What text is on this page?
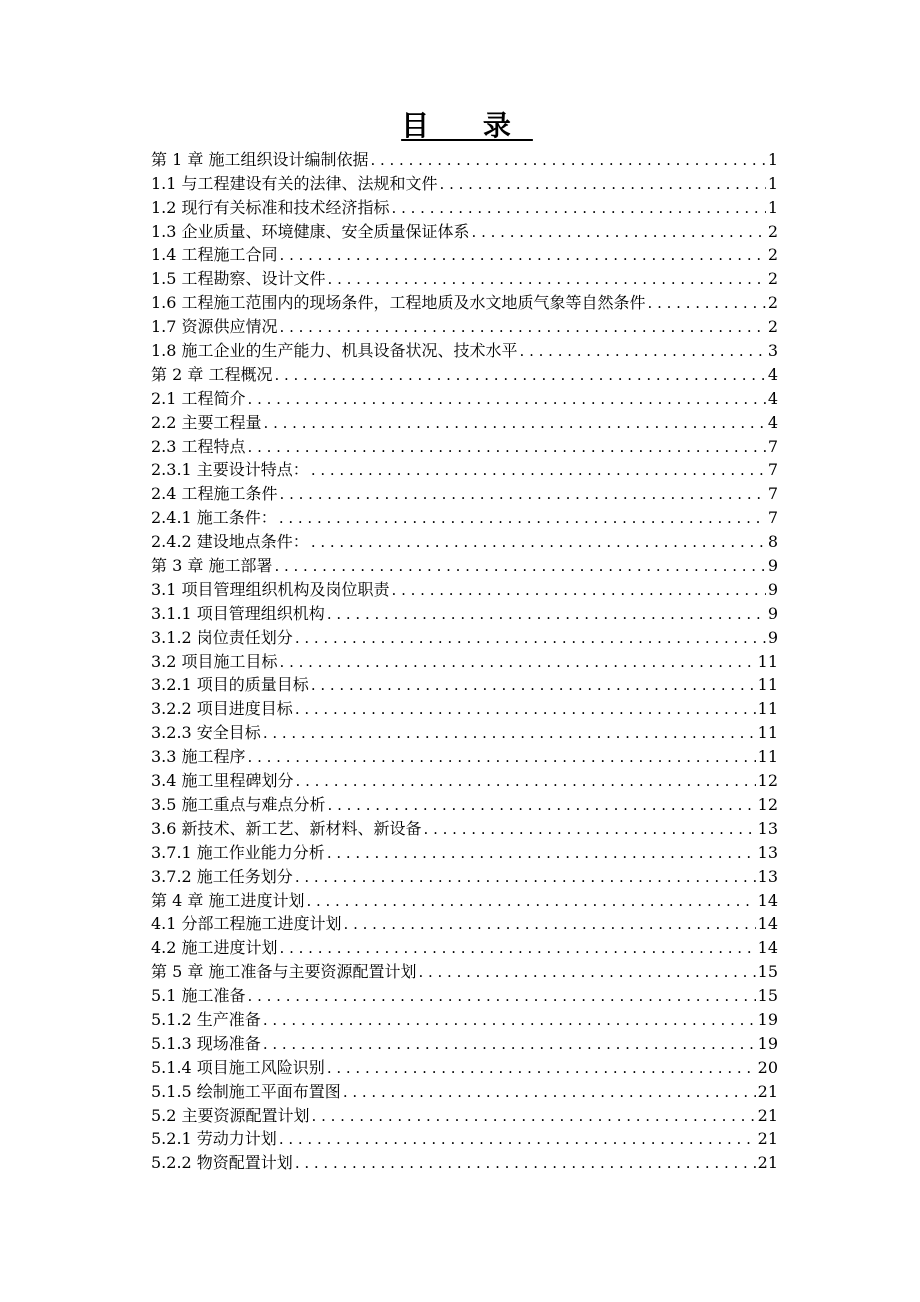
目 录
第 1 章 施工组织设计编制依据 . . .	1
1.1 与工程建设有关的法律、法规和文件 . . .	1
1.2 现行有关标准和技术经济指标 . . .	1
1.3 企业质量、环境健康、安全质量保证体系 . . .	2
1.4 工程施工合同 . . .	2
1.5 工程勘察、设计文件 . . .	2
1.6 工程施工范围内的现场条件，工程地质及水文地质气象等自然条件 . . .	2
1.7 资源供应情况 . . .	2
1.8 施工企业的生产能力、机具设备状况、技术水平 . . .	3
第 2 章 工程概况 . . .	4
2.1 工程简介 . . .	4
2.2 主要工程量 . . .	4
2.3 工程特点 . . .	7
2.3.1 主要设计特点： . . .	7
2.4 工程施工条件 . . .	7
2.4.1 施工条件： . . .	7
2.4.2 建设地点条件： . . .	8
第 3 章 施工部署 . . .	9
3.1 项目管理组织机构及岗位职责 . . .	9
3.1.1 项目管理组织机构 . . .	9
3.1.2 岗位责任划分 . . .	9
3.2 项目施工目标 . . .	11
3.2.1 项目的质量目标 . . .	11
3.2.2 项目进度目标 . . .	11
3.2.3 安全目标 . . .	11
3.3 施工程序 . . .	11
3.4 施工里程碑划分 . . .	12
3.5 施工重点与难点分析 . . .	12
3.6 新技术、新工艺、新材料、新设备 . . .	13
3.7.1 施工作业能力分析 . . .	13
3.7.2 施工任务划分 . . .	13
第 4 章 施工进度计划 . . .	14
4.1 分部工程施工进度计划 . . .	14
4.2 施工进度计划 . . .	14
第 5 章 施工准备与主要资源配置计划 . . .	15
5.1 施工准备 . . .	15
5.1.2 生产准备 . . .	19
5.1.3 现场准备 . . .	19
5.1.4 项目施工风险识别 . . .	20
5.1.5 绘制施工平面布置图 . . .	21
5.2 主要资源配置计划 . . .	21
5.2.1 劳动力计划 . . .	21
5.2.2 物资配置计划 . . .	21
